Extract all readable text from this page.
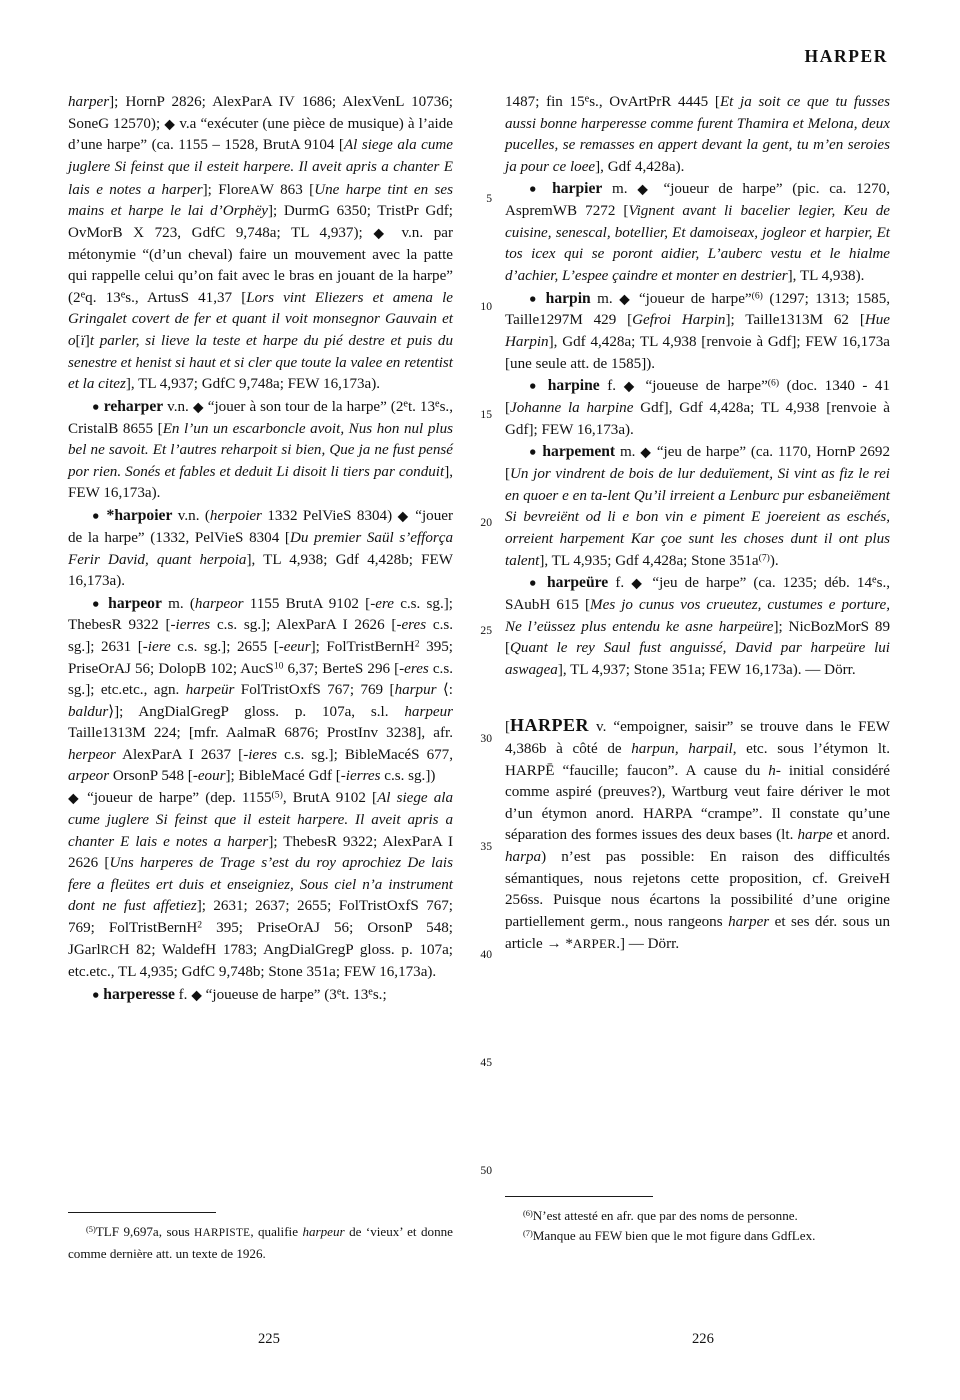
HARPER

harper]; HornP 2826; AlexParA IV 1686; AlexVenL 10736; SoneG 12570); ◆ v.a “exécuter (une pièce de musique) à l’aide d’une harpe” (ca. 1155 – 1528, BrutA 9104 [Al siege ala cume juglere Si feinst que il esteit harpere. Il aveit apris a chanter E lais e notes a harper]; FloreAW 863 [Une harpe tint en ses mains et harpe le lai d’Orphëy]; DurmG 6350; TristPr Gdf; OvMorB X 723, GdfC 9,748a; TL 4,937); ◆ v.n. par métonymie “(d’un cheval) faire un mouvement avec la patte qui rappelle celui qu’on fait avec le bras en jouant de la harpe” (2eq. 13es., ArtusS 41,37 [Lors vint Eliezers et amena le Gringalet covert de fer et quant il voit monsegnor Gauvain et o[ï]t parler, si lieve la teste et harpe du pié destre et puis du senestre et henist si haut et si cler que toute la valee en retentist et la citez], TL 4,937; GdfC 9,748a; FEW 16,173a).

● reharper v.n. ◆ “jouer à son tour de la harpe” (2et. 13es., CristalB 8655 [En l’un un escarboncle avoit, Nus hon nul plus bel ne savoit. Et l’autres reharpoit si bien, Que ja ne fust pensé por rien. Sonés et fables et deduit Li disoit li tiers par conduit], FEW 16,173a).

● *harpoier v.n. (herpoier 1332 PelVieS 8304) ◆ “jouer de la harpe” (1332, PelVieS 8304 [Du premier Saül s’efforça Ferir David, quant herpoia], TL 4,938; Gdf 4,428b; FEW 16,173a).

● harpeor m. (harpeor 1155 BrutA 9102 [-ere c.s. sg.]; ThebesR 9322 [-ierres c.s. sg.]; AlexParA I 2626 [-eres c.s. sg.]; 2631 [-iere c.s. sg.]; 2655 [-eeur]; FolTristBernH$^2$ 395; PriseOrAJ 56; DolopB 102; AucS$^{10}$ 6,37; BerteS 296 [-eres c.s. sg.]; etc.etc., agn. harpeür FolTristOxfS 767; 769 [harpur ⟨: baldur⟩]; AngDialGregP gloss. p. 107a, s.l. harpeur Taille1313M 224; [mfr. AalmaR 6876; ProstInv 3238], afr. herpeor AlexParA I 2637 [-ieres c.s. sg.]; BibleMacéS 677, arpeor OrsonP 548 [-eour]; BibleMacé Gdf [-ierres c.s. sg.])

◆ “joueur de harpe” (dep. 1155$^{(5)}$, BrutA 9102 [Al siege ala cume juglere Si feinst que il esteit harpere. Il aveit apris a chanter E lais e notes a harper]; ThebesR 9322; AlexParA I 2626 [Uns harperes de Trage s’est du roy aprochiez De lais fere a fleütes ert duis et enseigniez, Sous ciel n’a instrument dont ne fust affetiez]; 2631; 2637; 2655; FolTristOxfS 767; 769; FolTristBernH$^2$ 395; PriseOrAJ 56; OrsonP 548; JGarlRCH 82; WaldefH 1783; AngDialGregP gloss. p. 107a; etc.etc., TL 4,935; GdfC 9,748b; Stone 351a; FEW 16,173a).

● harperesse f. ◆ “joueuse de harpe” (3et. 13es.;

1487; fin 15es., OvArtPrR 4445 [Et ja soit ce que tu fusses aussi bonne harperesse comme furent Thamira et Melona, deux pucelles, se remasses en appert devant la gent, tu m’en seroies ja pour ce loee], Gdf 4,428a).

● harpier m. ◆ “joueur de harpe” (pic. ca. 1270, AspremWB 7272 [Vignent avant li bacelier legier, Keu de cuisine, senescal, botellier, Et damoiseax, jogleor et harpier, Et tos icex qui se poront aidier, L’auberc vestu et le hialme d’achier, L’espee çaindre et monter en destrier], TL 4,938).

● harpin m. ◆ “joueur de harpe”$^{(6)}$ (1297; 1313; 1585, Taille1297M 429 [Gefroi Harpin]; Taille1313M 62 [Hue Harpin], Gdf 4,428a; TL 4,938 [renvoie à Gdf]; FEW 16,173a [une seule att. de 1585]).

● harpine f. ◆ “joueuse de harpe”$^{(6)}$ (doc. 1340 - 41 [Johanne la harpine Gdf], Gdf 4,428a; TL 4,938 [renvoie à Gdf]; FEW 16,173a).

● harpement m. ◆ “jeu de harpe” (ca. 1170, HornP 2692 [Un jor vindrent de bois de lur deduïement, Si vint as fiz le rei en quoer e en ta-lent Qu’il irreient a Lenburc pur esbaneiëment Si bevreiënt od li e bon vin e piment E joereient as eschés, orreient harpement Kar çoe sunt les choses dunt il ont plus talent], TL 4,935; Gdf 4,428a; Stone 351a$^{(7)}$).

● harpeüre f. ◆ “jeu de harpe” (ca. 1235; déb. 14es., SAubH 615 [Mes jo cunus vos crueutez, custumes e porture, Ne l’eüssez plus entendu ke asne harpeüre]; NicBozMorS 89 [Quant le rey Saul fust anguissé, David par harpeüre lui aswagea], TL 4,937; Stone 351a; FEW 16,173a). — Dörr.

[HARPER v. “empoigner, saisir” se trouve dans le FEW 4,386b à côté de harpun, harpail, etc. sous l’étymon lt. HARPĒ “faucille; faucon”. A cause du h- initial considéré comme aspiré (preuves?), Wartburg veut faire dériver le mot d’un étymon anord. HARPA “crampe”. Il constate qu’une séparation des formes issues des deux bases (lt. harpe et anord. harpa) n’est pas possible: En raison des difficultés sémantiques, nous rejetons cette proposition, cf. GreiveH 256ss. Puisque nous écartons la possibilité d’une origine partiellement germ., nous rangeons harper et ses dér. sous un article → *ARPER.] — Dörr.

5
10
15
20
25
30
35
40
45
50

$^{(5)}$TLF 9,697a, sous HARPISTE, qualifie harpeur de ‘vieux’ et donne comme dernière att. un texte de 1926.

$^{(6)}$N’est attesté en afr. que par des noms de personne.

$^{(7)}$Manque au FEW bien que le mot figure dans GdfLex.

225	226
